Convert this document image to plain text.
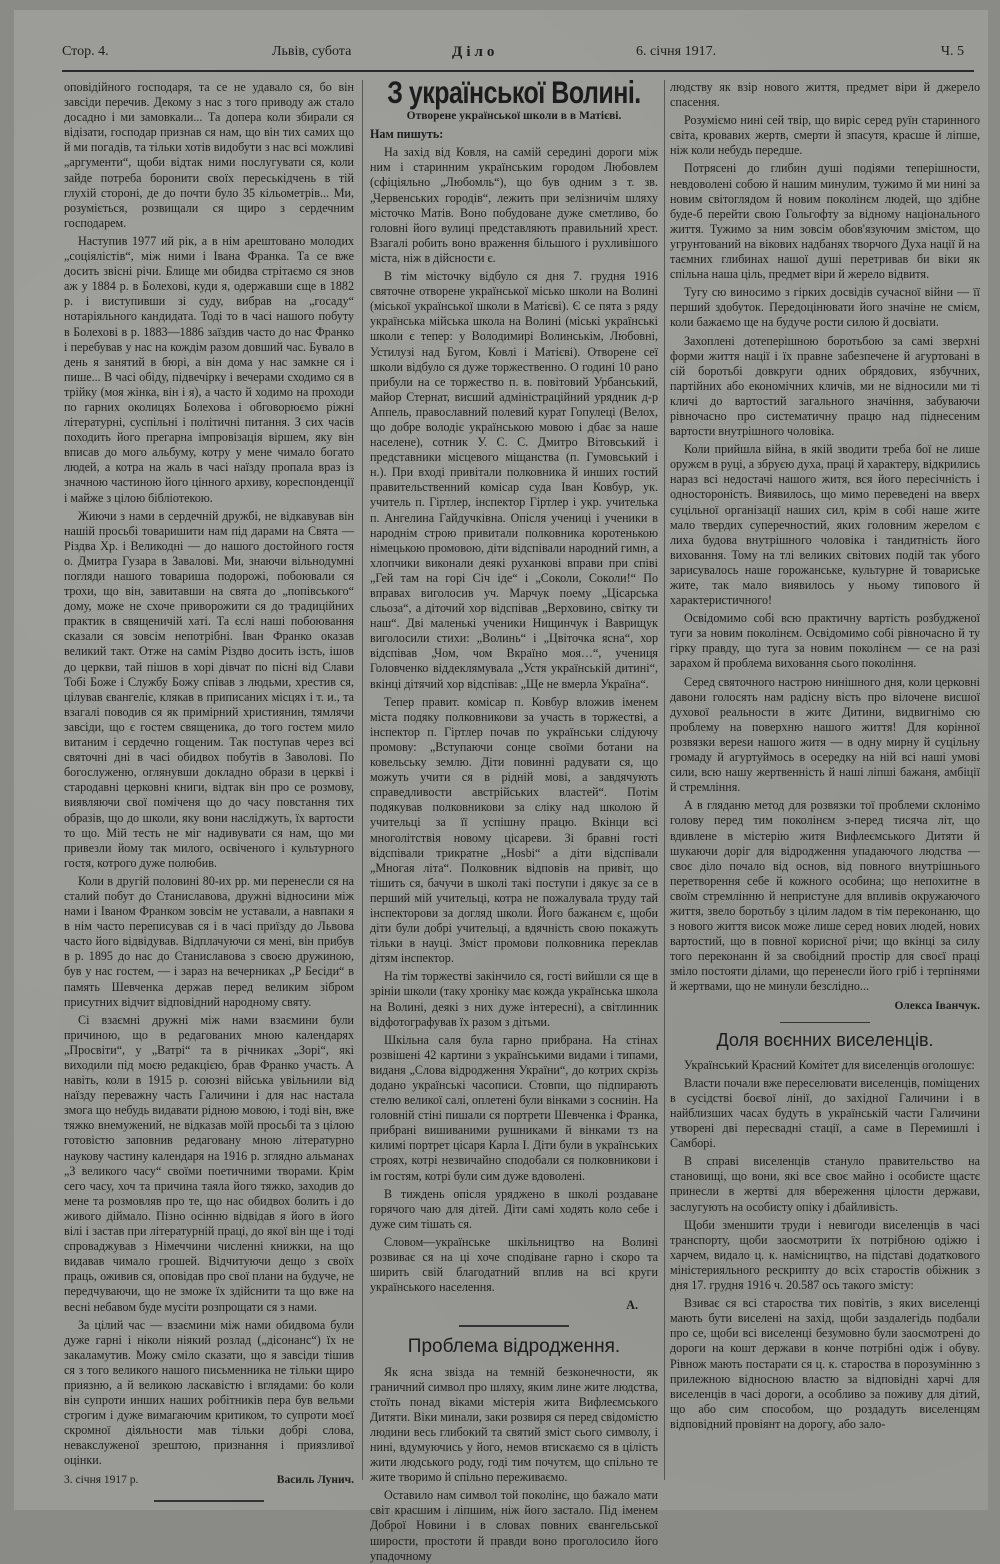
Стор. 4.	Львів, субота	Діло	6. січня 1917.	Ч. 5

оповідійного господаря, та се не удавало ся, бо він завсіди перечив. Декому з нас з того приводу аж стало досадно і ми замовкали... Та допера коли збирали ся відізати, господар признав ся нам, що він тих самих що й ми погадів, та тільки хотів видобути з нас всі можливі „аргументи“, щоби відтак ними послугувати ся, коли зайде потреба боронити своїх переськідчень в тій глухій стороні, де до почти було 35 кільометрів... Ми, розуміється, розвищали ся щиро з сердечним господарем.

Наступив 1977 ий рік, а в нім арештовано молодих „соціялістів“, між ними і Івана Франка. Та се вже досить звісні річи. Блище ми обидва стрітаємо ся знов аж у 1884 р. в Болехові, куди я, одержавши єще в 1882 р. і виступивши зі суду, вибрав на „госаду“ нотаріяльного кандидата. Тоді то в часі нашого побуту в Болехові в р. 1883—1886 заїздив часто до нас Франко і перебував у нас на кождім разом довший час. Бувало в день я занятий в бюрі, а він дома у нас замкне ся і пише... В часі обіду, підвечірку і вечерами сходимо ся в трійку (моя жінка, він і я), а часто й ходимо на проходи по гарних околицях Болехова і обговорюємо ріжні літературні, суспільні і політичні питання. З сих часів походить його прегарна імпровізація віршем, яку він вписав до мого альбуму, котру у мене чимало богато людей, а котра на жаль в часі наїзду пропала враз із значною частиною його цінного архиву, кореспонденції і майже з цілою бібліотекою.

Жиючи з нами в сердечній дружбі, не відкавував він нашій просьбі товаришити нам під дарами на Свята — Різдва Хр. і Великодні — до нашого достойного гостя о. Дмитра Гузара в Завалові. Ми, знаючи вільнодумні погляди нашого товариша подорожі, побоювали ся трохи, що він, завитавши на свята до „попівського“ дому, може не схоче приворожити ся до традиційних практик в священичій хаті. Та єслі наші побоювання сказали ся зовсім непотрібні. Іван Франко оказав великий такт. Отже на самім Різдво досить ізсть, ішов до церкви, тай пішов в хорі дівчат по пісні від Слави Тобі Боже і Службу Божу співав з людьми, хрестив ся, цілував євангеліє, клякав в приписаних місцях і т. и., та взагалі поводив ся як примірний християнин, тямлячи завсіди, що є гостем священика, до того гостем мило витаним і сердечно гощеним. Так поступав через всі святочні дні в часі обидвох побутів в Заволові. По богослуженю, оглянувши докладно образи в церкві і стародавні церковні книги, відтак він про се розмову, виявляючи свої поміченя що до часу повстання тих образів, що до школи, яку вони насліджуть, їх вартости то що. Мій тесть не міг надивувати ся нам, що ми привезли йому так милого, освіченого і культурного гостя, котрого дуже полюбив.

Коли в другій половині 80-их рр. ми перенесли ся на сталий побут до Станиславова, дружні відносини між нами і Іваном Франком зовсім не уставали, а навпаки я в нім часто переписував ся і в часі приїзду до Львова часто його відвідував. Відплачуючи ся мені, він прибув в р. 1895 до нас до Станиславова з своєю дружиною, був у нас гостем, — і зараз на вечерниках „Р Бесіди“ в память Шевченка держав перед великим зібром присутних відчит відповідний народному святу.

Сі взаємні дружні між нами взаємини були причиною, що в редагованих мною календарях „Просвіти“, у „Ватрі“ та в річниках „Зорі“, які виходили під моєю редакцією, брав Франко участь. А навіть, коли в 1915 р. союзні війська увільнили від наїзду переважну часть Галичини і для нас настала змога що небудь видавати рідною мовою, і тоді він, вже тяжко внемужений, не відказав моїй просьбі та з цілою готовістю заповнив редаговану мною літературно наукову частину календаря на 1916 р. згляднo альманах „З великого часу“ своїми поетичними творами. Крім сего часу, хоч та причина таяла його тяжко, заходив до мене та розмовляв про те, що нас обидвох болить і до живого діймало. Пізно осінню відвідав я його в його вілі і застав при літературній праці, до якої він ще і тоді спроваджував з Німеччини численні книжки, на що видавав чимало грошей. Відчитуючи дещо з своїх праць, оживив ся, оповідав про свої плани на будуче, не передчуваючи, що не зможе їх здійснити та що вже на весні небавом буде мусіти розпрощати ся з нами.

За цілий час — взаємини між нами обидвома були дуже гарні і ніколи ніякий розлад („дісонанс“) їх не закаламутив. Можу сміло сказати, що я завсіди тішив ся з того великого нашого письменника не тільки щиро приязню, а й великою ласкавістю і вглядами: бо коли він супроти инших наших робітників пера був вельми строгим і дуже вимагаючим критиком, то супроти моєї скромної діяльности мав тільки добрі слова, невакслуженої зрештою, признання і приязливої оцінки.

3. січня 1917 р.	Василь Лунич.
З української Волині.
Отворене української школи в в Матієві.

Нам пишуть:

На захід від Ковля, на самій середині дороги між ним і старинним українським городом Любовлем (сфіціяльно „Любомль“), що був одним з т. зв. „Червенських городів“, лежить при зелізничім шляху місточко Матів. Воно побудоване дуже сметливо, бо головні його вулиці представляють правильний хрест. Взагалі робить воно враження більшого і рухливішого міста, ніж в дійсности є.

В тім місточку відбуло ся дня 7. грудня 1916 святочне отворене української місько школи на Волині (міської української школи в Матієві). Є се пята з ряду українська мійська школа на Волині (міські українські школи є тепер: у Володимирі Волинськім, Любовні, Устилузі над Бугом, Ковлі і Матієві). Отворене сеї школи відбуло ся дуже торжественно. О годині 10 рано прибули на се торжество п. в. повітовий Урбанський, майор Стернат, висший адміністраційний урядник д-р Аппель, православний полевий курат Гопулеці (Велох, що добре володіє українською мовою і дбає за наше населене), сотник У. С. С. Дмитро Вітовський і представники місцевого міщанства (п. Гумовський і н.). При вході привітали полковника й инших гостий правительственний комісар суда Іван Ковбур, ук. учитель п. Гіртлер, інспектор Гіртлер і укр. учителька п. Ангелина Гайдучківна. Опісля учениці і ученики в народнім строю привитали полковника коротенькою німецькою промовою, діти відспівали народний гимн, а хлопчики виконали деякі руханкові вправи при співі „Гей там на горі Січ іде“ і „Соколи, Соколи!“ По вправах виголосив уч. Марчук поему „Цісарська сльоза“, а діточий хор відспівав „Верховино, світку ти наш“. Дві маленькі ученики Нищинчук і Ваврищук виголосили стихи: „Волинь“ і „Цвіточка ясна“, хор відспівав „Чом, чом Вкраїно моя…“, учениця Головченко віддеклямувала „Устя українській дитині“, вкінці дітячий хор відспівав: „Ще не вмерла Україна“.

Тепер правит. комісар п. Ковбур вложив іменем міста подяку полковникови за участь в торжестві, а інспектор п. Гіртлер почав по українськи слідуючу промову: „Вступаючи сонце своїми ботани на ковельську землю. Діти повинні радувати ся, що можуть учити ся в рідній мові, а завдячують справедливости австрійських властей“. Потім подякував полковникови за сліку над школою й учительці за її успішну працю. Вкінци всі многолітствія новому цісареви. Зі бравні гості відспівали трикратне „Ноsbі“ а діти відспівали „Многая літа“. Полковник відповів на привіт, що тішить ся, бачучи в школі такі поступи і дякує за се в перший мій учительці, котра не пожалувала труду тай інспекторови за догляд школи. Його бажанєм є, щоби діти були добрі учительці, а вдячність свою покажуть тільки в науці. Зміст промови полковника переклав дітям інспектор.

На тім торжестві закінчило ся, гості вийшли ся ще в зрініи школи (таку хроніку має кожда українська школа на Волині, деякі з них дуже інтересні), а світлинник відфотографував їх разом з дітьми.

Шкільна саля була гарно прибрана. На стінах розвішені 42 картини з українськими видами і типами, виданя „Слова відродження України“, до котрих скрізь додано українські часописи. Стовпи, що підпирають стелю великої салі, оплетені були вінками з сосниін. На головній стіні пишали ся портрети Шевченка і Франка, прибрані вишиваними рушниками й вінками тз на килимі портрет цісаря Карла І. Діти були в українських строях, котрі незвичайно сподобали ся полковникови і ім гостям, котрі були сим дуже вдоволені.

В тиждень опісля урядженo в школі роздаване горячого чаю для дітей. Діти самі ходять коло себе і дуже сим тішать ся.

Словом—українське шкільництво на Волині розвиває ся на ці хоче сподіване гарно і скоро та ширить свій благодатний вплив на всі круги українського населення.

А.
Проблема відродження.

Як ясна звізда на темній безконечности, як граничний символ про шляху, яким лине жите людства, стоїть понад віками містерія жита Вифлеємського Дитяти. Віки минали, заки розвиря ся перед свідомістю людини весь глибокий та святий зміст сього символу, і нині, вдумуючись у його, немов втискаємо ся в цілість жити людського роду, годі тим почутєм, що спільно те жите творимо й спільно переживаємо.

Оставило нам символ той поколінє, що бажало мати світ красшим і ліпшим, ніж його застало. Під іменем Доброї Новини і в словах повних євангельської ширости, простоти й правди воно проголосило його упадочному

людству як взір нового життя, предмет віри й джерело спасення.

Розуміємо нині сей твір, що виріс серед руїн старинного світа, кровавих жертв, смерти й зпасутя, красше й ліпше, ніж коли небудь передше.

Потрясені до глибин душі подіями теперішности, невдоволені собою й нашим минулим, тужимо й ми нині за новим світоглядом й новим поколінєм людей, що здібне буде-б перейти свою Гольгофту за відному національного життя. Тужимо за ним зовсім обов'язуючим змістом, що угрунтований на віковиx надбанях творчого Духа нації й на таємних глибинах нашої душі перетривав би віки як спільна наша ціль, предмет віри й жерело відвитя.

Тугу сю виносимо з гірких досвідів сучасної війни — її перший здобуток. Передоцінювати його значіне не смієм, коли бажаємо ще на будуче рости силою й досвіати.

Захоплені дотеперішною боротьбою за самі зверхні форми життя нації і їх правне забезпечене й агуртовані в сій боротьбі довкруги одних обрядових, язбучних, партійних або економічних кличів, ми не відносили ми ті кличі до вартостий загального значіння, забуваючи рівночасно про систематичну працю над піднесеним вартости внутрішного чоловіка.

Коли прийшла війна, в якій зводити треба бої не лише оружєм в руці, а збруєю духа, праці й характеру, відкрились нараз всі недостачі нашого житя, вся його пересічність і одностороність. Виявилось, що мимо переведені на вверх суцільної організації наших сил, крім в собі наше жите мало твердих суперечностий, яких головним жерелом є лиха будова внутрішного чоловіка і тандитність його виховання. Тому на тлі великих світових подій так убого зарисувалось наше горожанське, культурне й товариське жите, так мало виявилось у ньому типового й характеристичного!

Освідомимо собі всю практичну вартість розбудженої туги за новим поколінєм. Освідомимо собі рівночасно й ту гірку правду, що туга за новим поколінєм — се на разі зарахом й проблема виховання сього покоління.

Серед святочного настрою нинішного дня, коли церковні давони голосять нам радісну вість про вілочене висшої духової реальности в житє Дитини, видвигнімо сю проблему на поверхню нашого життя! Для корінної розвязки вереsи нашого житя — в одну мирну й суцільну громаду й агуртуймось в осередку на ній всі наші умові сили, всю нашу жертвенність й наші ліпші бажаня, амбіції й стремління.

А в гляданю метод для розвязки тої проблеми склонімо голову перед тим поколінєм з-перед тисяча літ, що вдивлене в містерію житя Вифлеємського Дитяти й шукаючи доріг для відродження упадаючого людства — своє діло почало від основ, від повного внутрішнього перетворення себе й кожного особина; що непохитне в своїм стремлінню й непристуне для впливів окружаючого життя, звело боротьбу з цілим ладом в тім переконаню, що з нового життя висок може лише серед нових людей, нових вартостий, що в повної корисної річи; що вкінці за силу того переконанн й за свобідний простір для своєї праці зміло постояти ділами, що перенесли його гріб і терпінями й жертвами, що не минули безслідно...

Олекса Іванчук.
Доля воєнних виселенців.

Український Красний Комітет для виселенців оголошує:

Власти почали вже переселювати виселенців, поміщених в сусідстві боєвої лінії, до західної Галичини і в найблизших часах будуть в українській части Галичини утворені дві пересвадні стації, а саме в Перемишлі і Самборі.

В справі виселенців станулo правительство на становищі, що вони, які все своє майно і особисте щастє принесли в жертві для вбереження цілости держави, заслугують на особисту опіку і дбайливість.

Щоби зменшити труди і невигоди виселенців в часі транспорту, щоби заосмотрити їх потрібною одіжю і харчем, видало ц. к. намісництво, на підставі додаткового міністерияльного рескрипту до всіх старостів обіжник з дня 17. грудня 1916 ч. 20.587 ось такого змісту:

Взиває ся всі староства тих повітів, з яких виселенці мають бути виселені на захід, щоби заздалегідь подбали про се, щоби всі виселенці безумовно були заосмотрені до дороги на кошт держави в конче потрібні одіж і обуву. Рівнож мають постарати ся ц. к. староства в порозумінню з прилежною відносною властю за відповідні харчі для виселенців в часі дороги, а особливо за поживу для дітий, що або сим способом, що роздадуть виселенцям відповідний провіянт на дорогу, або зало-
